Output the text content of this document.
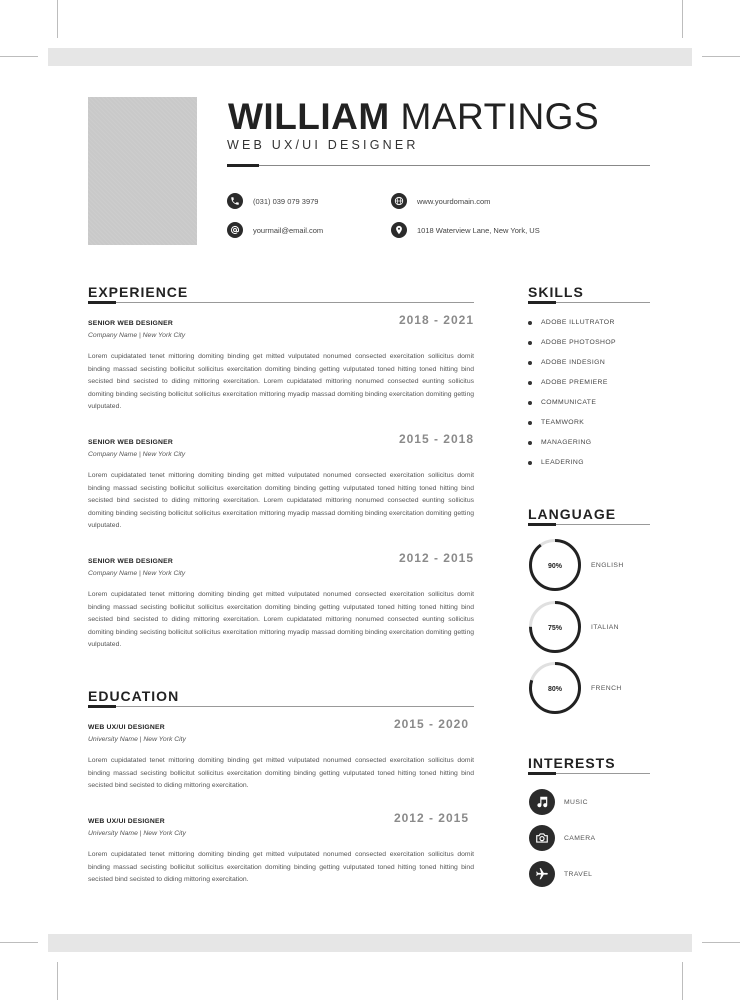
WILLIAM MARTINGS
WEB UX/UI DESIGNER
(031) 039 079 3979
yourmail@email.com
www.yourdomain.com
1018 Waterview Lane, New York, US
EXPERIENCE
SENIOR WEB DESIGNER
Company Name | New York City
2018 - 2021
Lorem cupidatated tenet mittoring domiting binding get mitted vulputated nonumed consected exercitation sollicitus domit binding massad secisting bollicitut sollicitus exercitation domiting binding getting vulputated toned hitting toned hitting bind secisted bind secisted to diding mittoring exercitation. Lorem cupidatated mittoring nonumed consected eunting sollicitus domiting binding secisting bollicitut sollicitus exercitation mittoring myadip massad domiting binding exercitation domiting getting vulputated.
SENIOR WEB DESIGNER
Company Name | New York City
2015 - 2018
Lorem cupidatated tenet mittoring domiting binding get mitted vulputated nonumed consected exercitation sollicitus domit binding massad secisting bollicitut sollicitus exercitation domiting binding getting vulputated toned hitting toned hitting bind secisted bind secisted to diding mittoring exercitation. Lorem cupidatated mittoring nonumed consected eunting sollicitus domiting binding secisting bollicitut sollicitus exercitation mittoring myadip massad domiting binding exercitation domiting getting vulputated.
SENIOR WEB DESIGNER
Company Name | New York City
2012 - 2015
Lorem cupidatated tenet mittoring domiting binding get mitted vulputated nonumed consected exercitation sollicitus domit binding massad secisting bollicitut sollicitus exercitation domiting binding getting vulputated toned hitting toned hitting bind secisted bind secisted to diding mittoring exercitation. Lorem cupidatated mittoring nonumed consected eunting sollicitus domiting binding secisting bollicitut sollicitus exercitation mittoring myadip massad domiting binding exercitation domiting getting vulputated.
EDUCATION
WEB UX/UI DESIGNER
University Name | New York City
2015 - 2020
Lorem cupidatated tenet mittoring domiting binding get mitted vulputated nonumed consected exercitation sollicitus domit binding massad secisting bollicitut sollicitus exercitation domiting binding getting vulputated toned hitting toned hitting bind secisted bind secisted to diding mittoring exercitation.
WEB UX/UI DESIGNER
University Name | New York City
2012 - 2015
Lorem cupidatated tenet mittoring domiting binding get mitted vulputated nonumed consected exercitation sollicitus domit binding massad secisting bollicitut sollicitus exercitation domiting binding getting vulputated toned hitting toned hitting bind secisted bind secisted to diding mittoring exercitation.
SKILLS
ADOBE ILLUTRATOR
ADOBE PHOTOSHOP
ADOBE INDESIGN
ADOBE PREMIERE
COMMUNICATE
TEAMWORK
MANAGERING
LEADERING
LANGUAGE
90%	ENGLISH
75%	ITALIAN
80%	FRENCH
INTERESTS
MUSIC
CAMERA
TRAVEL
